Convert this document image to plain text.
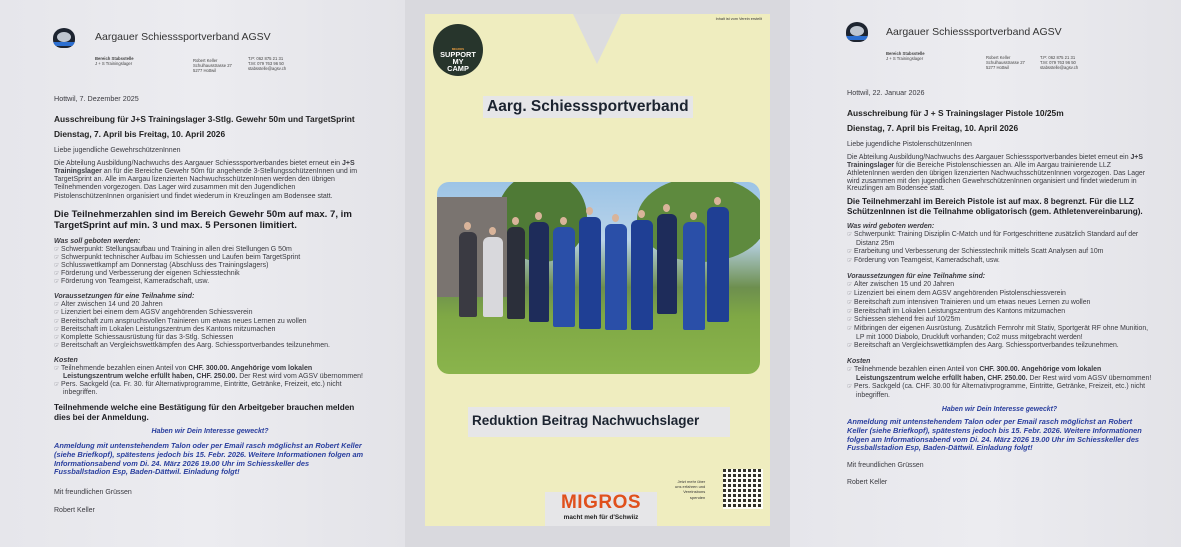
Aargauer Schiesssportverband AGSV
Bereich Stabsstelle
J + S Trainingslager
Robert Keller
Schulhausstrasse 27
5277 Hottwil
T.P: 062 875 21 31
T.M: 079 763 96 50
stabsstelle@agsv.ch
Hottwil, 7. Dezember 2025
Ausschreibung für J+S Trainingslager 3-Stlg. Gewehr 50m und TargetSprint
Dienstag, 7. April bis Freitag, 10. April 2026
Liebe jugendliche GewehrschützenInnen
Die Abteilung Ausbildung/Nachwuchs des Aargauer Schiesssportverbandes bietet erneut ein J+S Trainingslager an für die Bereiche Gewehr 50m für angehende 3-StellungsschützenInnen und im TargetSprint an. Alle im Aargau lizenzierten NachwuchsschützenInnen werden den übrigen Teilnehmenden vorgezogen. Das Lager wird zusammen mit den Jugendlichen PistolenschützenInnen organisiert und findet wiederum in Kreuzlingen am Bodensee statt.
Die Teilnehmerzahlen sind im Bereich Gewehr 50m auf max. 7, im TargetSprint auf min. 3 und max. 5 Personen limitiert.
Was soll geboten werden:
☞ Schwerpunkt: Stellungsaufbau und Training in allen drei Stellungen G 50m
☞ Schwerpunkt technischer Aufbau im Schiessen und Laufen beim TargetSprint
☞ Schlusswettkampf am Donnerstag (Abschluss des Trainingslagers)
☞ Förderung und Verbesserung der eigenen Schiesstechnik
☞ Förderung von Teamgeist, Kameradschaft, usw.
Voraussetzungen für eine Teilnahme sind:
☞ Alter zwischen 14 und 20 Jahren
☞ Lizenziert bei einem dem AGSV angehörenden Schiessverein
☞ Bereitschaft zum anspruchsvollen Trainieren um etwas neues Lernen zu wollen
☞ Bereitschaft im Lokalen Leistungszentrum des Kantons mitzumachen
☞ Komplette Schiessausrüstung für das 3-Stlg. Schiessen
☞ Bereitschaft an Vergleichswettkämpfen des Aarg. Schiessportverbandes teilzunehmen.
Kosten
☞ Teilnehmende bezahlen einen Anteil von CHF. 300.00. Angehörige vom lokalen Leistungszentrum welche erfüllt haben, CHF. 250.00. Der Rest wird vom AGSV übernommen!
☞ Pers. Sackgeld (ca. Fr. 30. für Alternativprogramme, Eintritte, Getränke, Freizeit, etc.) nicht inbegriffen.
Teilnehmende welche eine Bestätigung für den Arbeitgeber brauchen melden dies bei der Anmeldung.
Haben wir Dein Interesse geweckt?
Anmeldung mit untenstehendem Talon oder per Email rasch möglichst an Robert Keller (siehe Briefkopf), spätestens jedoch bis 15. Febr. 2026. Weitere Informationen folgen am Informationsabend vom Di. 24. März 2026 19.00 Uhr im Schiesskeller des Fussballstadion Esp, Baden-Dättwil. Einladung folgt!
Mit freundlichen Grüssen
Robert Keller
Inhalt ist vom Verein erstellt
MIGROS
SUPPORT
MY
CAMP
Aarg. Schiesssportverband
Reduktion Beitrag Nachwuchslager
Jetzt mehr über
uns erfahren und
Vereinsbons
spenden
MIGROS
macht meh für d'Schwiiz
Aargauer Schiesssportverband AGSV
Bereich Stabsstelle
J + S Trainingslager	Robert Keller
Schulhausstrasse 27
5277 Hottwil
T.P: 062 875 21 31
T.M: 079 763 96 50
stabsstelle@agsv.ch
Hottwil, 22. Januar 2026
Ausschreibung für J + S Trainingslager Pistole 10/25m
Dienstag, 7. April bis Freitag, 10. April 2026
Liebe jugendliche PistolenschützenInnen
Die Abteilung Ausbildung/Nachwuchs des Aargauer Schiesssportverbandes bietet erneut ein J+S Trainingslager für die Bereiche Pistolenschiessen an. Alle im Aargau trainierende LLZ AthletenInnen werden den übrigen lizenzierten NachwuchsschützenInnen vorgezogen. Das Lager wird zusammen mit den jugendlichen GewehrschützenInnen organisiert und findet wiederum in Kreuzlingen am Bodensee statt.
Die Teilnehmerzahl im Bereich Pistole ist auf max. 8 begrenzt. Für die LLZ SchützenInnen ist die Teilnahme obligatorisch (gem. Athletenvereinbarung).
Was wird geboten werden:
☞ Schwerpunkt: Training Disziplin C-Match und für Fortgeschrittene zusätzlich Standard auf der Distanz 25m
☞ Erarbeitung und Verbesserung der Schiesstechnik mittels Scatt Analysen auf 10m
☞ Förderung von Teamgeist, Kameradschaft, usw.
Voraussetzungen für eine Teilnahme sind:
☞ Alter zwischen 15 und 20 Jahren
☞ Lizenziert bei einem dem AGSV angehörenden Pistolenschiessverein
☞ Bereitschaft zum intensiven Trainieren und um etwas neues Lernen zu wollen
☞ Bereitschaft im Lokalen Leistungszentrum des Kantons mitzumachen
☞ Schiessen stehend frei auf 10/25m
☞ Mitbringen der eigenen Ausrüstung. Zusätzlich Fernrohr mit Stativ, Sportgerät RF ohne Munition, LP mit 1000 Diabolo, Druckluft vorhanden; Co2 muss mitgebracht werden!
☞ Bereitschaft an Vergleichswettkämpfen des Aarg. Schiessportverbandes teilzunehmen.
Kosten
☞ Teilnehmende bezahlen einen Anteil von CHF. 300.00. Angehörige vom lokalen Leistungszentrum welche erfüllt haben, CHF. 250.00. Der Rest wird vom AGSV übernommen!
☞ Pers. Sackgeld (ca. CHF. 30.00 für Alternativprogramme, Eintritte, Getränke, Freizeit, etc.) nicht inbegriffen.
Haben wir Dein Interesse geweckt?
Anmeldung mit untenstehendem Talon oder per Email rasch möglichst an Robert Keller (siehe Briefkopf), spätestens jedoch bis 15. Febr. 2026. Weitere Informationen folgen am Informationsabend vom Di. 24. März 2026 19.00 Uhr im Schiesskeller des Fussballstadion Esp, Baden-Dättwil. Einladung folgt!
Mit freundlichen Grüssen
Robert Keller
